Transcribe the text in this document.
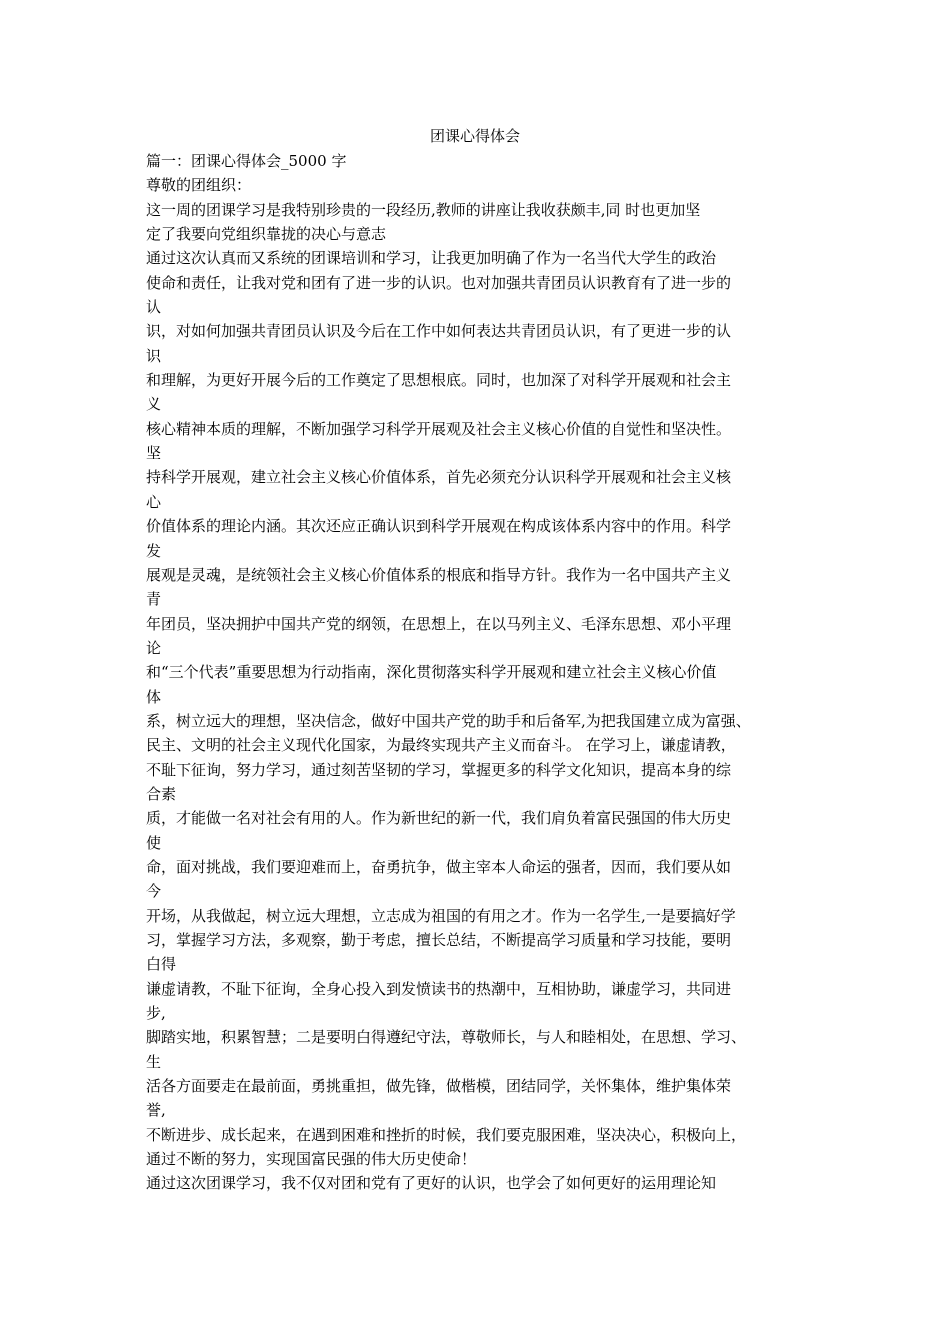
团课心得体会
篇一：团课心得体会_5000 字
尊敬的团组织：
这一周的团课学习是我特别珍贵的一段经历,教师的讲座让我收获颇丰,同 时也更加坚
定了我要向党组织靠拢的决心与意志
通过这次认真而又系统的团课培训和学习，让我更加明确了作为一名当代大学生的政治
使命和责任，让我对党和团有了进一步的认识。也对加强共青团员认识教育有了进一步的
认
识，对如何加强共青团员认识及今后在工作中如何表达共青团员认识，有了更进一步的认
识
和理解，为更好开展今后的工作奠定了思想根底。同时，也加深了对科学开展观和社会主
义
核心精神本质的理解，不断加强学习科学开展观及社会主义核心价值的自觉性和坚决性。
坚
持科学开展观，建立社会主义核心价值体系，首先必须充分认识科学开展观和社会主义核
心
价值体系的理论内涵。其次还应正确认识到科学开展观在构成该体系内容中的作用。科学
发
展观是灵魂，是统领社会主义核心价值体系的根底和指导方针。我作为一名中国共产主义
青
年团员，坚决拥护中国共产党的纲领，在思想上，在以马列主义、毛泽东思想、邓小平理
论
和“三个代表”重要思想为行动指南，深化贯彻落实科学开展观和建立社会主义核心价值
体
系，树立远大的理想，坚决信念，做好中国共产党的助手和后备军,为把我国建立成为富强、
民主、文明的社会主义现代化国家，为最终实现共产主义而奋斗。 在学习上，谦虚请教，
不耻下征询，努力学习，通过刻苦坚韧的学习，掌握更多的科学文化知识，提高本身的综
合素
质，才能做一名对社会有用的人。作为新世纪的新一代，我们肩负着富民强国的伟大历史
使
命，面对挑战，我们要迎难而上，奋勇抗争，做主宰本人命运的强者，因而，我们要从如
今
开场，从我做起，树立远大理想，立志成为祖国的有用之才。作为一名学生,一是要搞好学
习，掌握学习方法，多观察，勤于考虑，擅长总结，不断提高学习质量和学习技能，要明
白得
谦虚请教，不耻下征询，全身心投入到发愤读书的热潮中，互相协助，谦虚学习，共同进
步,
脚踏实地，积累智慧；二是要明白得遵纪守法，尊敬师长，与人和睦相处，在思想、学习、
生
活各方面要走在最前面，勇挑重担，做先锋，做楷模，团结同学，关怀集体，维护集体荣
誉,
不断进步、成长起来，在遇到困难和挫折的时候，我们要克服困难，坚决决心，积极向上，
通过不断的努力，实现国富民强的伟大历史使命！
通过这次团课学习，我不仅对团和党有了更好的认识，也学会了如何更好的运用理论知
